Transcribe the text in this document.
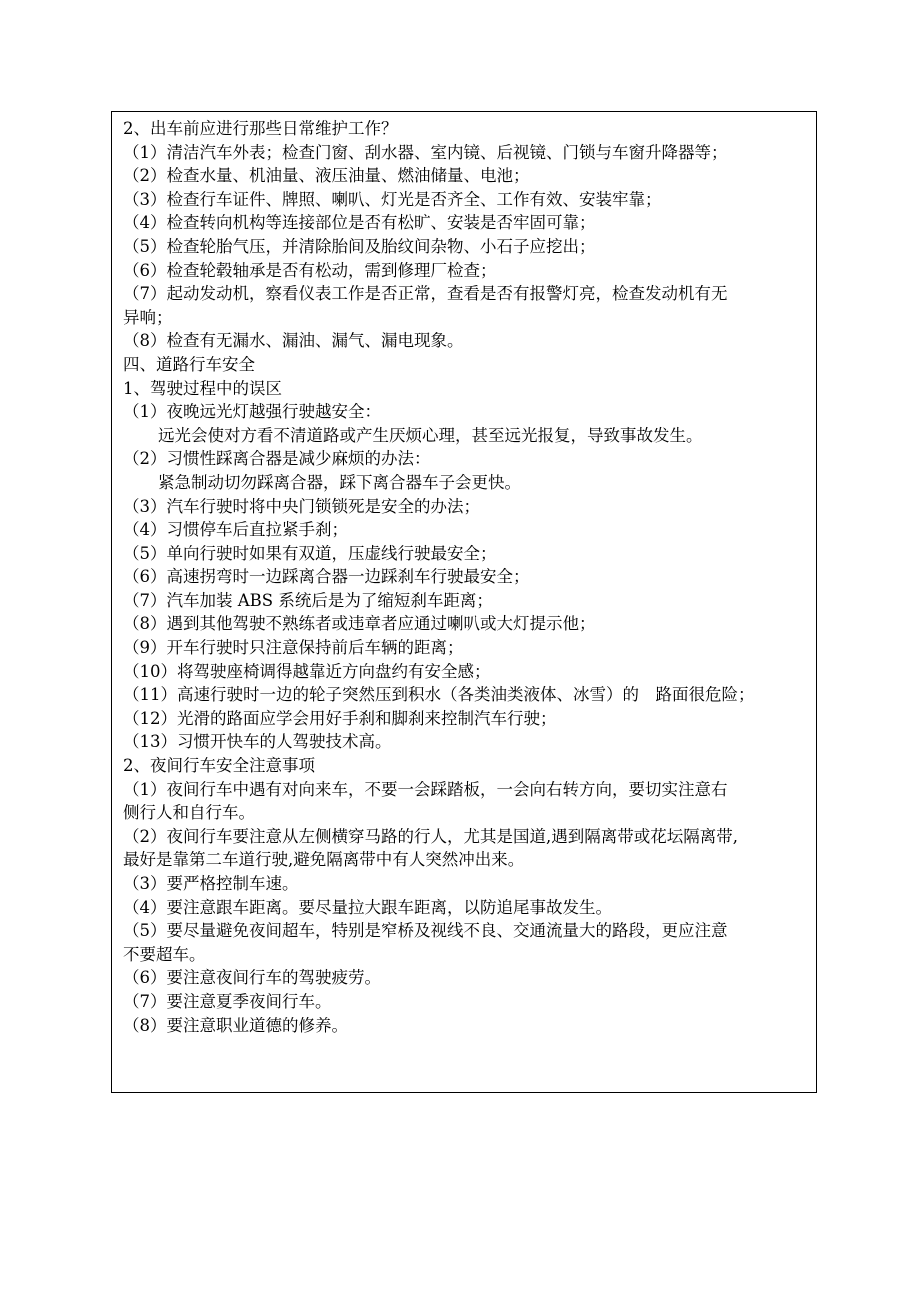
2、出车前应进行那些日常维护工作？
（1）清洁汽车外表；检查门窗、刮水器、室内镜、后视镜、门锁与车窗升降器等；
（2）检查水量、机油量、液压油量、燃油储量、电池；
（3）检查行车证件、牌照、喇叭、灯光是否齐全、工作有效、安装牢靠；
（4）检查转向机构等连接部位是否有松旷、安装是否牢固可靠；
（5）检查轮胎气压，并清除胎间及胎纹间杂物、小石子应挖出；
（6）检查轮毂轴承是否有松动，需到修理厂检查；
（7）起动发动机，察看仪表工作是否正常，查看是否有报警灯亮，检查发动机有无
异响；
（8）检查有无漏水、漏油、漏气、漏电现象。
四、道路行车安全
1、驾驶过程中的误区
（1）夜晚远光灯越强行驶越安全：
远光会使对方看不清道路或产生厌烦心理，甚至远光报复，导致事故发生。
（2）习惯性踩离合器是减少麻烦的办法：
紧急制动切勿踩离合器，踩下离合器车子会更快。
（3）汽车行驶时将中央门锁锁死是安全的办法；
（4）习惯停车后直拉紧手刹；
（5）单向行驶时如果有双道，压虚线行驶最安全；
（6）高速拐弯时一边踩离合器一边踩刹车行驶最安全；
（7）汽车加装 ABS 系统后是为了缩短刹车距离；
（8）遇到其他驾驶不熟练者或违章者应通过喇叭或大灯提示他；
（9）开车行驶时只注意保持前后车辆的距离；
（10）将驾驶座椅调得越靠近方向盘约有安全感；
（11）高速行驶时一边的轮子突然压到积水（各类油类液体、冰雪）的　路面很危险；
（12）光滑的路面应学会用好手刹和脚刹来控制汽车行驶；
（13）习惯开快车的人驾驶技术高。
2、夜间行车安全注意事项
（1）夜间行车中遇有对向来车，不要一会踩踏板，一会向右转方向，要切实注意右
侧行人和自行车。
（2）夜间行车要注意从左侧横穿马路的行人，尤其是国道,遇到隔离带或花坛隔离带,
最好是靠第二车道行驶,避免隔离带中有人突然冲出来。
（3）要严格控制车速。
（4）要注意跟车距离。要尽量拉大跟车距离，以防追尾事故发生。
（5）要尽量避免夜间超车，特别是窄桥及视线不良、交通流量大的路段，更应注意
不要超车。
（6）要注意夜间行车的驾驶疲劳。
（7）要注意夏季夜间行车。
（8）要注意职业道德的修养。
